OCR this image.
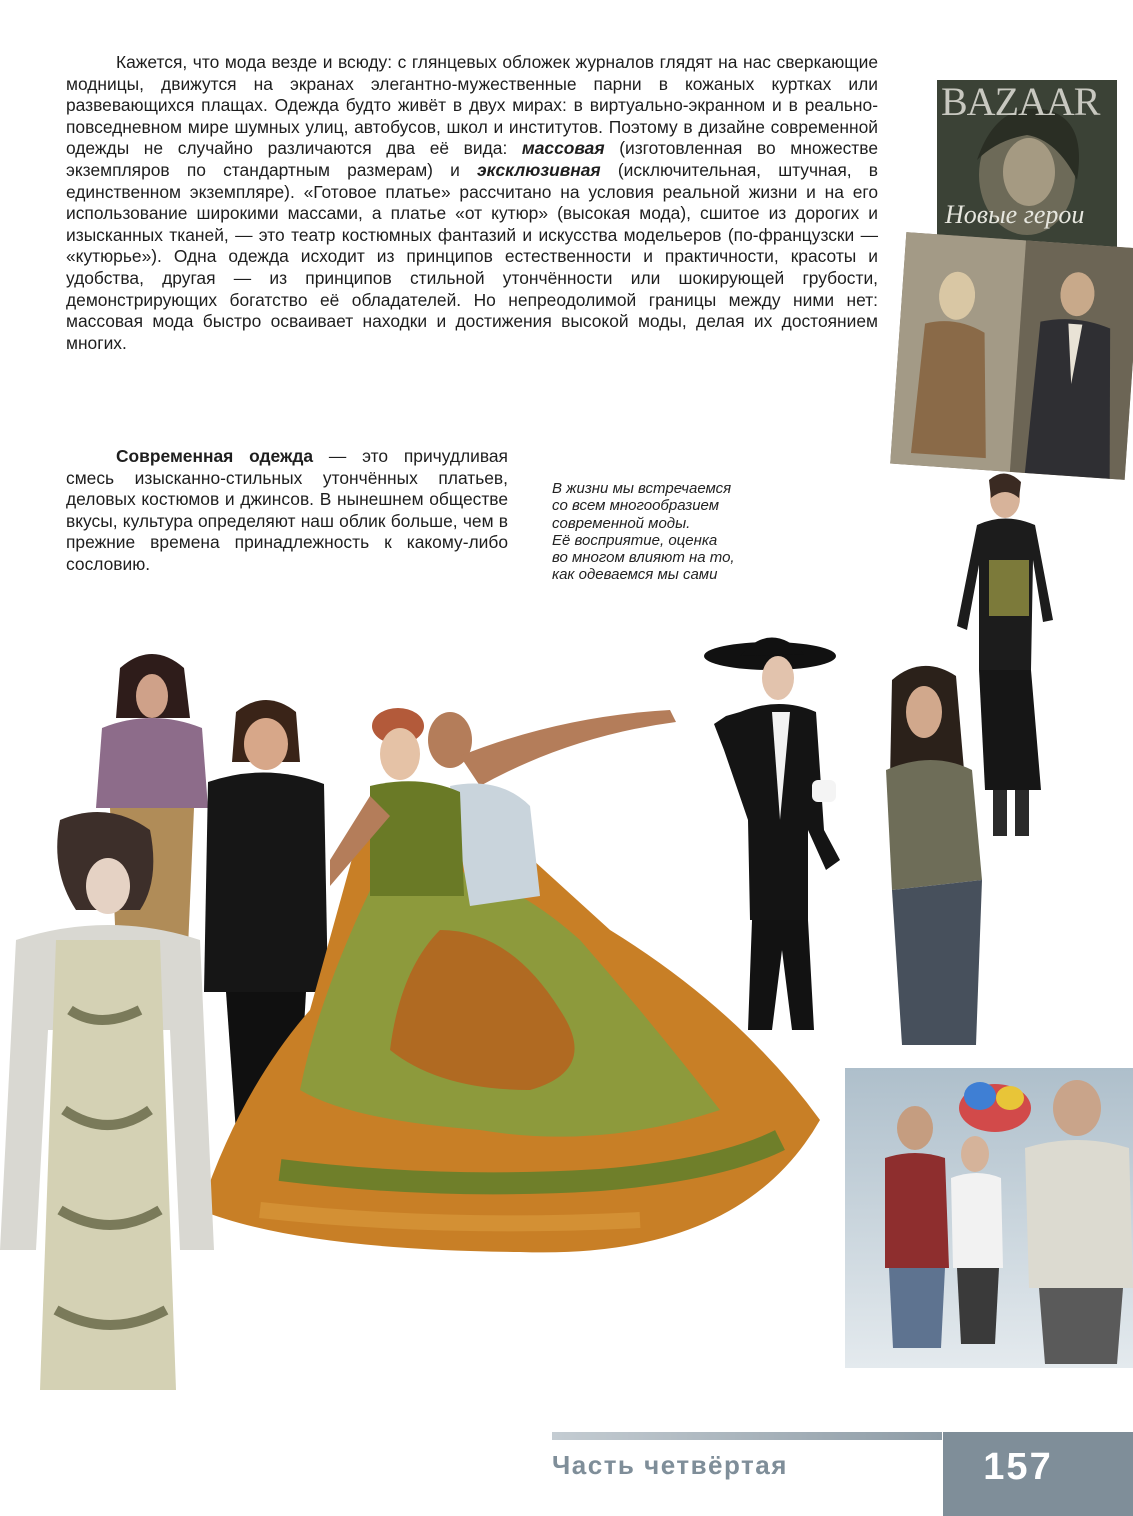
Кажется, что мода везде и всюду: с глянцевых обложек журналов глядят на нас сверкающие модницы, движутся на экранах элегантно-мужественные парни в кожаных куртках или развевающихся плащах. Одежда будто живёт в двух мирах: в виртуально-экранном и в реально-повседневном мире шумных улиц, автобусов, школ и институтов. Поэтому в дизайне современной одежды не случайно различаются два её вида: массовая (изготовленная во множестве экземпляров по стандартным размерам) и эксклюзивная (исключительная, штучная, в единственном экземпляре). «Готовое платье» рассчитано на условия реальной жизни и на его использование широкими массами, а платье «от кутюр» (высокая мода), сшитое из дорогих и изысканных тканей, — это театр костюмных фантазий и искусства модельеров (по-французски — «кутюрье»). Одна одежда исходит из принципов естественности и практичности, красоты и удобства, другая — из принципов стильной утончённости или шокирующей грубости, демонстрирующих богатство её обладателей. Но непреодолимой границы между ними нет: массовая мода быстро осваивает находки и достижения высокой моды, делая их достоянием многих.

Современная одежда — это причудливая смесь изысканно-стильных утончённых платьев, деловых костюмов и джинсов. В нынешнем обществе вкусы, культура определяют наш облик больше, чем в прежние времена принадлежность к какому-либо сословию.

В жизни мы встречаемся
со всем многообразием
современной моды.
Её восприятие, оценка
во многом влияют на то,
как одеваемся мы сами
BAZAAR
Новые герои
Часть четвёртая	157
